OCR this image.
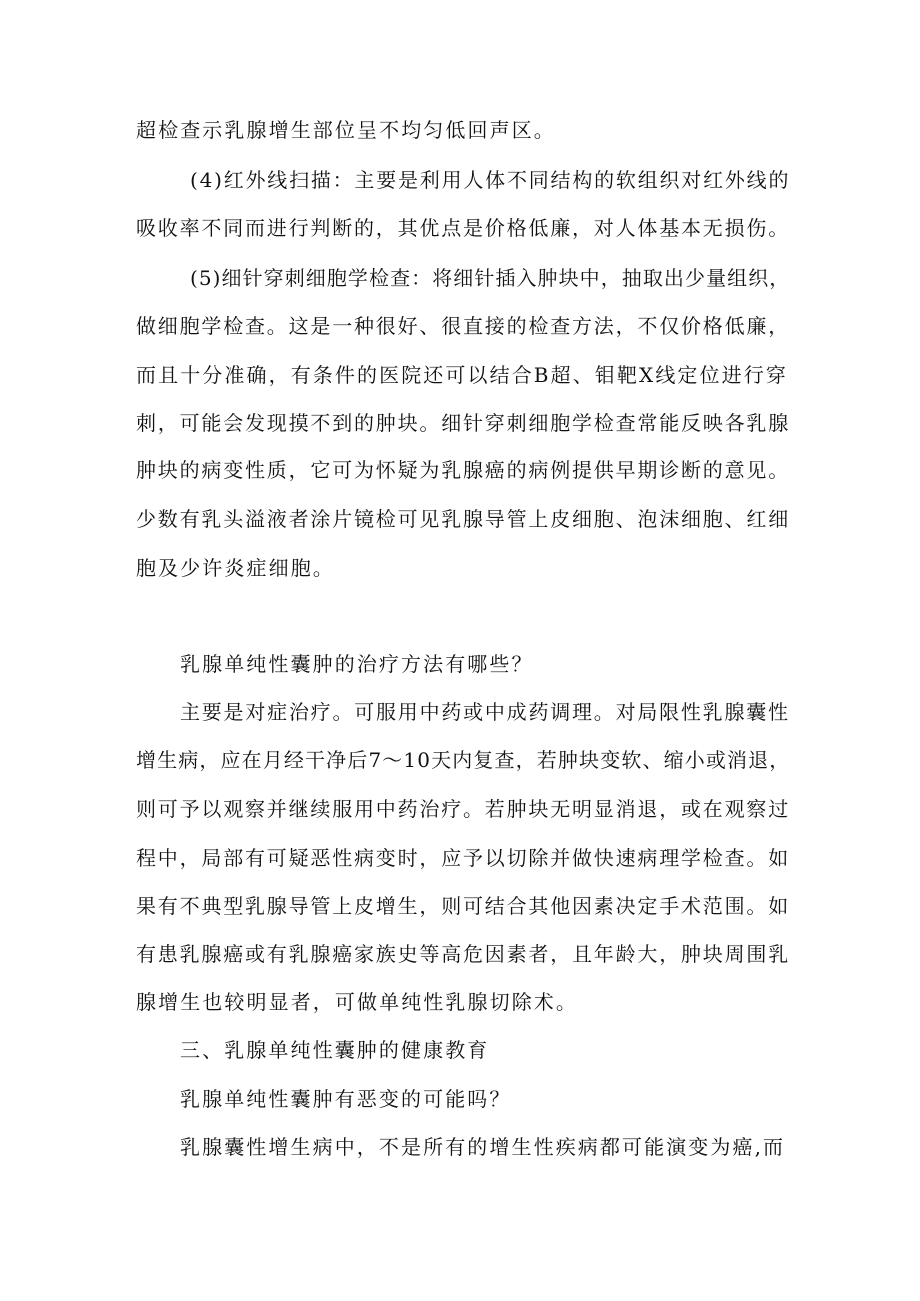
超检查示乳腺增生部位呈不均匀低回声区。
(4)红外线扫描：主要是利用人体不同结构的软组织对红外线的
吸收率不同而进行判断的，其优点是价格低廉，对人体基本无损伤。
(5)细针穿刺细胞学检查：将细针插入肿块中，抽取出少量组织，
做细胞学检查。这是一种很好、很直接的检查方法，不仅价格低廉，
而且十分准确，有条件的医院还可以结合B超、钼靶X线定位进行穿
刺，可能会发现摸不到的肿块。细针穿刺细胞学检查常能反映各乳腺
肿块的病变性质，它可为怀疑为乳腺癌的病例提供早期诊断的意见。
少数有乳头溢液者涂片镜检可见乳腺导管上皮细胞、泡沫细胞、红细
胞及少许炎症细胞。
乳腺单纯性囊肿的治疗方法有哪些？
主要是对症治疗。可服用中药或中成药调理。对局限性乳腺囊性
增生病，应在月经干净后7～10天内复查，若肿块变软、缩小或消退，
则可予以观察并继续服用中药治疗。若肿块无明显消退，或在观察过
程中，局部有可疑恶性病变时，应予以切除并做快速病理学检查。如
果有不典型乳腺导管上皮增生，则可结合其他因素决定手术范围。如
有患乳腺癌或有乳腺癌家族史等高危因素者，且年龄大，肿块周围乳
腺增生也较明显者，可做单纯性乳腺切除术。
三、乳腺单纯性囊肿的健康教育
乳腺单纯性囊肿有恶变的可能吗？
乳腺囊性增生病中，不是所有的增生性疾病都可能演变为癌,而
